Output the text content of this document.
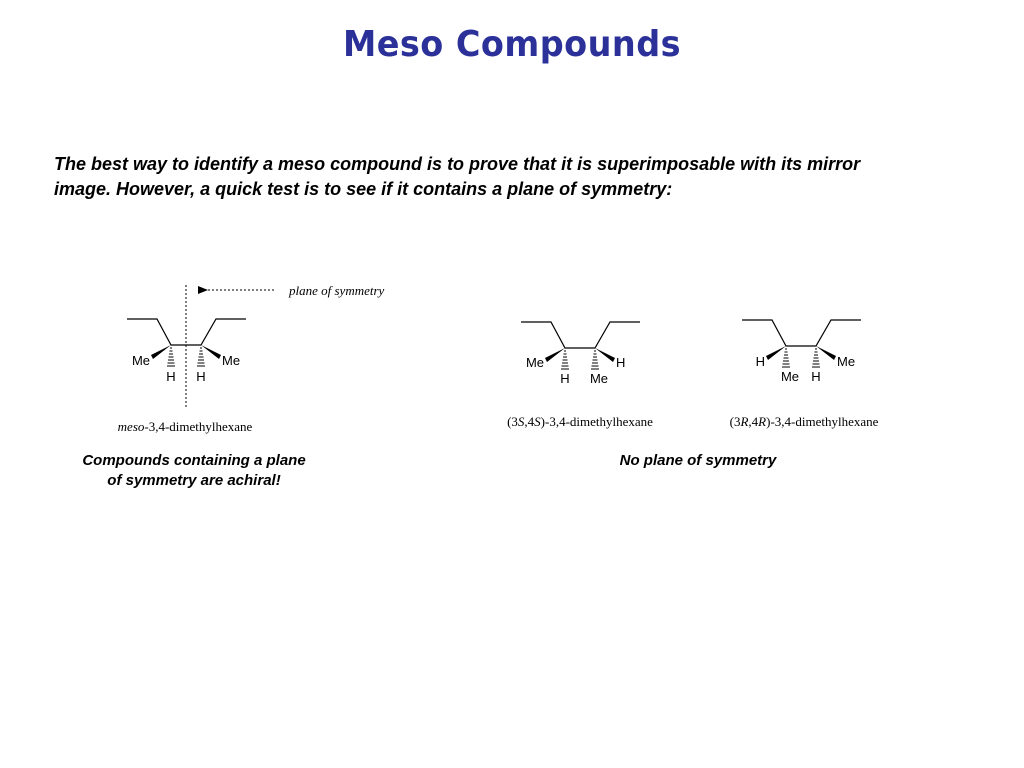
Meso Compounds

The best way to identify a meso compound is to prove that it is superimposable with its mirror

image. However, a quick test is to see if it contains a plane of symmetry:

Me
H
Me
H
plane of symmetry
meso-3,4-dimethylhexane
Me
H
H
Me
(3S,4S)-3,4-dimethylhexane
H
Me
Me
H
(3R,4R)-3,4-dimethylhexane
Compounds containing a plane
of symmetry are achiral!
No plane of symmetry
